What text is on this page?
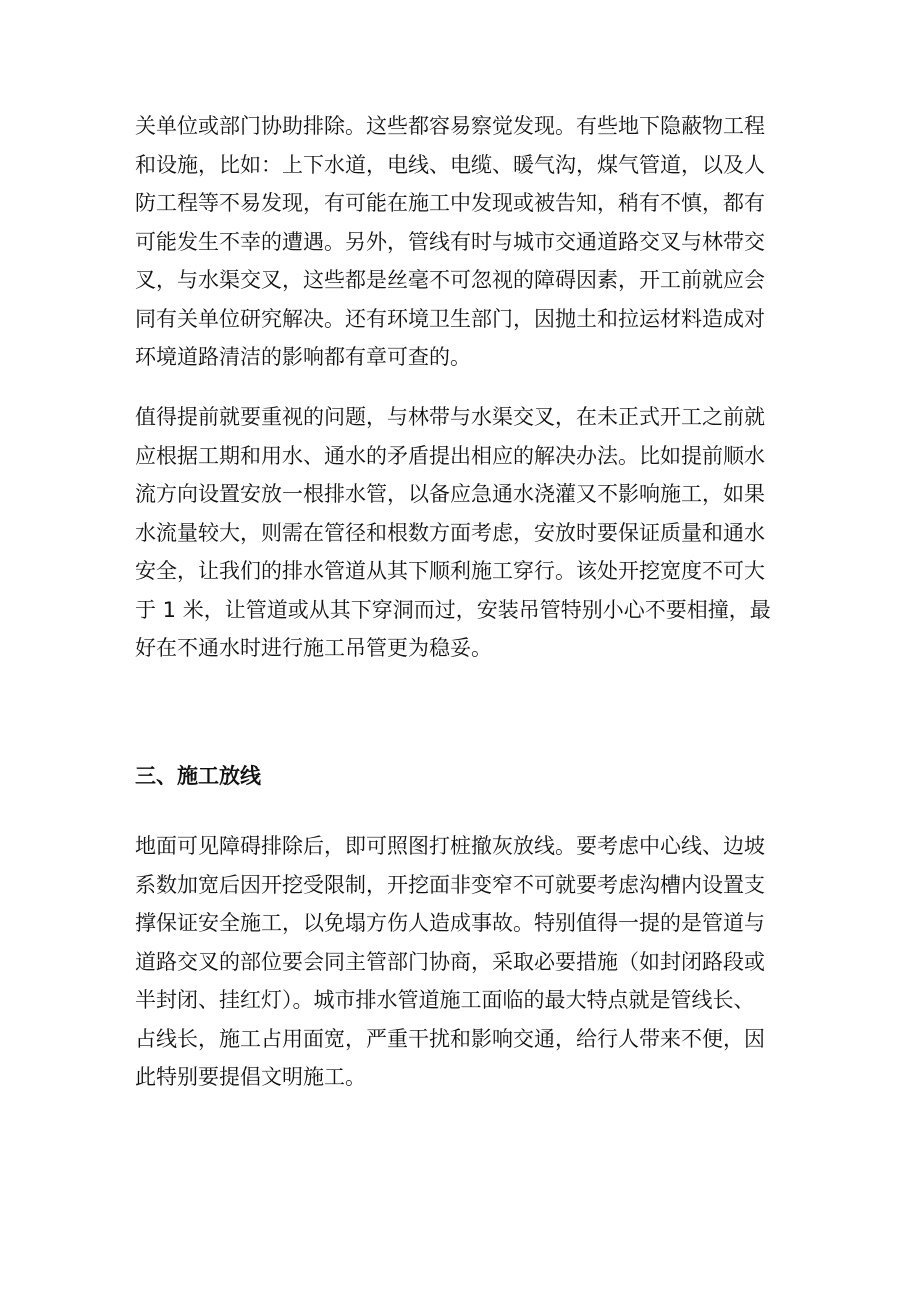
关单位或部门协助排除。这些都容易察觉发现。有些地下隐蔽物工程
和设施，比如：上下水道，电线、电缆、暖气沟，煤气管道，以及人
防工程等不易发现，有可能在施工中发现或被告知，稍有不慎，都有
可能发生不幸的遭遇。另外，管线有时与城市交通道路交叉与林带交
叉，与水渠交叉，这些都是丝毫不可忽视的障碍因素，开工前就应会
同有关单位研究解决。还有环境卫生部门，因抛土和拉运材料造成对
环境道路清洁的影响都有章可查的。
值得提前就要重视的问题，与林带与水渠交叉，在未正式开工之前就
应根据工期和用水、通水的矛盾提出相应的解决办法。比如提前顺水
流方向设置安放一根排水管，以备应急通水浇灌又不影响施工，如果
水流量较大，则需在管径和根数方面考虑，安放时要保证质量和通水
安全，让我们的排水管道从其下顺利施工穿行。该处开挖宽度不可大
于 1 米，让管道或从其下穿洞而过，安装吊管特别小心不要相撞，最
好在不通水时进行施工吊管更为稳妥。
三、施工放线
地面可见障碍排除后，即可照图打桩撤灰放线。要考虑中心线、边坡
系数加宽后因开挖受限制，开挖面非变窄不可就要考虑沟槽内设置支
撑保证安全施工，以免塌方伤人造成事故。特别值得一提的是管道与
道路交叉的部位要会同主管部门协商，采取必要措施（如封闭路段或
半封闭、挂红灯）。城市排水管道施工面临的最大特点就是管线长、
占线长，施工占用面宽，严重干扰和影响交通，给行人带来不便，因
此特别要提倡文明施工。
